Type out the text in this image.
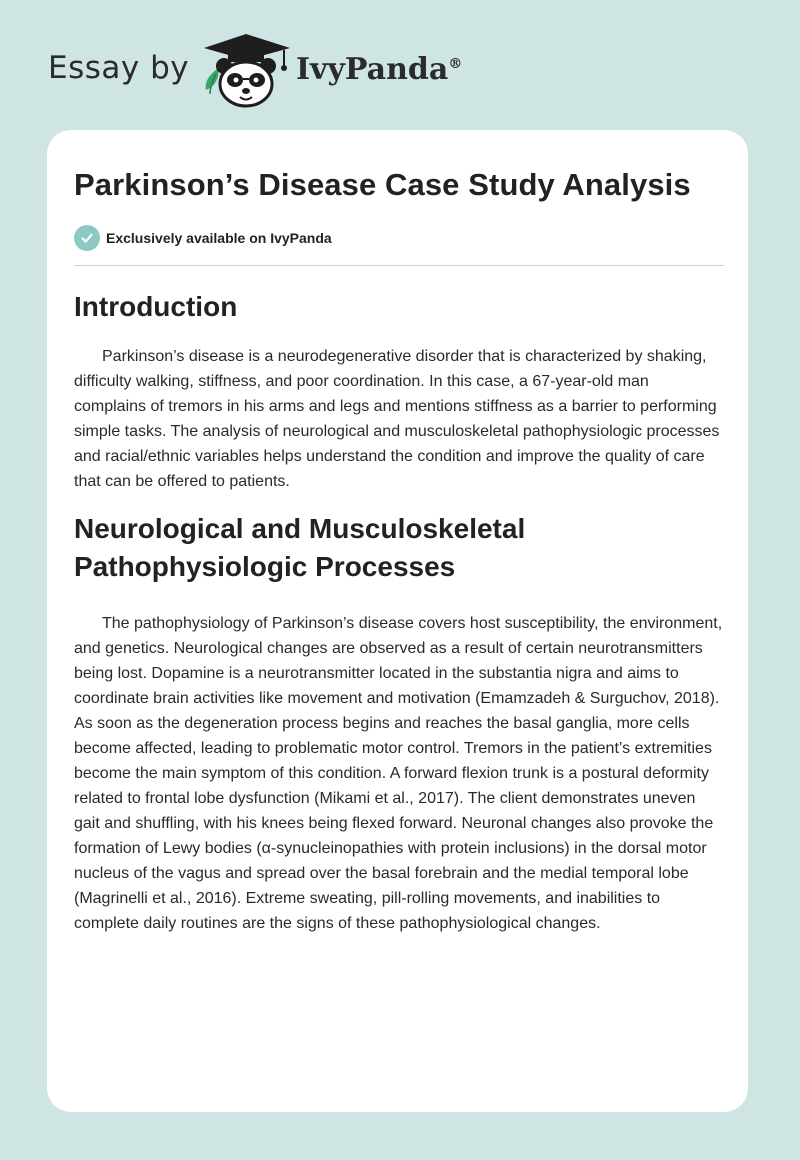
Essay by	IvyPanda®
Parkinson’s Disease Case Study Analysis
Exclusively available on IvyPanda
Introduction

Parkinson’s disease is a neurodegenerative disorder that is characterized by shaking, difficulty walking, stiffness, and poor coordination. In this case, a 67-year-old man complains of tremors in his arms and legs and mentions stiffness as a barrier to performing simple tasks. The analysis of neurological and musculoskeletal pathophysiologic processes and racial/ethnic variables helps understand the condition and improve the quality of care that can be offered to patients.

Neurological and Musculoskeletal Pathophysiologic Processes

The pathophysiology of Parkinson’s disease covers host susceptibility, the environment, and genetics. Neurological changes are observed as a result of certain neurotransmitters being lost. Dopamine is a neurotransmitter located in the substantia nigra and aims to coordinate brain activities like movement and motivation (Emamzadeh & Surguchov, 2018). As soon as the degeneration process begins and reaches the basal ganglia, more cells become affected, leading to problematic motor control. Tremors in the patient’s extremities become the main symptom of this condition. A forward flexion trunk is a postural deformity related to frontal lobe dysfunction (Mikami et al., 2017). The client demonstrates uneven gait and shuffling, with his knees being flexed forward. Neuronal changes also provoke the formation of Lewy bodies (α-synucleinopathies with protein inclusions) in the dorsal motor nucleus of the vagus and spread over the basal forebrain and the medial temporal lobe (Magrinelli et al., 2016). Extreme sweating, pill-rolling movements, and inabilities to complete daily routines are the signs of these pathophysiological changes.
